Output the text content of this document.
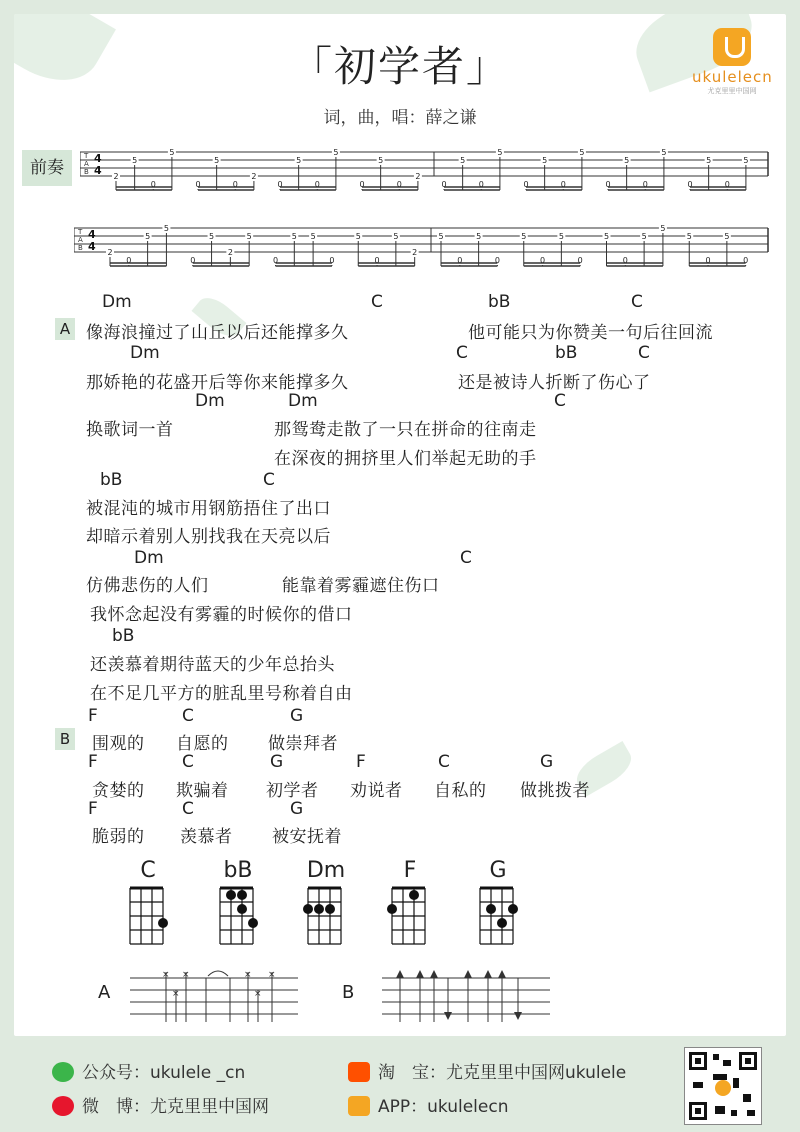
「初学者」
词，曲，唱：薛之谦
ukulelecn
尤克里里中国网
前奏
T
A
B
4
4 2
5
0
5
0
5
0
2
0
5
0
5
0
5
0
2
0
5
0
5
0
5
0
5
0
5
0
5
0
5
0
5
T
A
B
4
4 2
0
5
5
0
5
2
5
0
5 5
0
5
0
5
2
5
0
5
0
5
0
5
0
5
0
5
5
5
0
5
0
A
Dm	C	bB	C
像海浪撞过了山丘以后还能撑多久	他可能只为你赞美一句后往回流
Dm	C	bB	C
那娇艳的花盛开后等你来能撑多久	还是被诗人折断了伤心了
Dm	Dm	C
换歌词一首	那鸳鸯走散了一只在拼命的往南走
在深夜的拥挤里人们举起无助的手
bB	C
被混沌的城市用钢筋捂住了出口
却暗示着别人别找我在天亮以后
Dm	C
仿佛悲伤的人们	能靠着雾霾遮住伤口
我怀念起没有雾霾的时候你的借口
bB
还羡慕着期待蓝天的少年总抬头
在不足几平方的脏乱里号称着自由
B
F	C	G
围观的 自愿的 做崇拜者
F	C	G	F	C	G
贪婪的 欺骗着 初学者 劝说者 自私的 做挑拨者
F	C	G
脆弱的 羡慕者 被安抚着
C	bB	Dm	F	G
A
×
×
×	×
×
×
B
公众号：ukulele _cn
微　博：尤克里里中国网
淘　宝：尤克里里中国网ukulele
APP：ukulelecn
